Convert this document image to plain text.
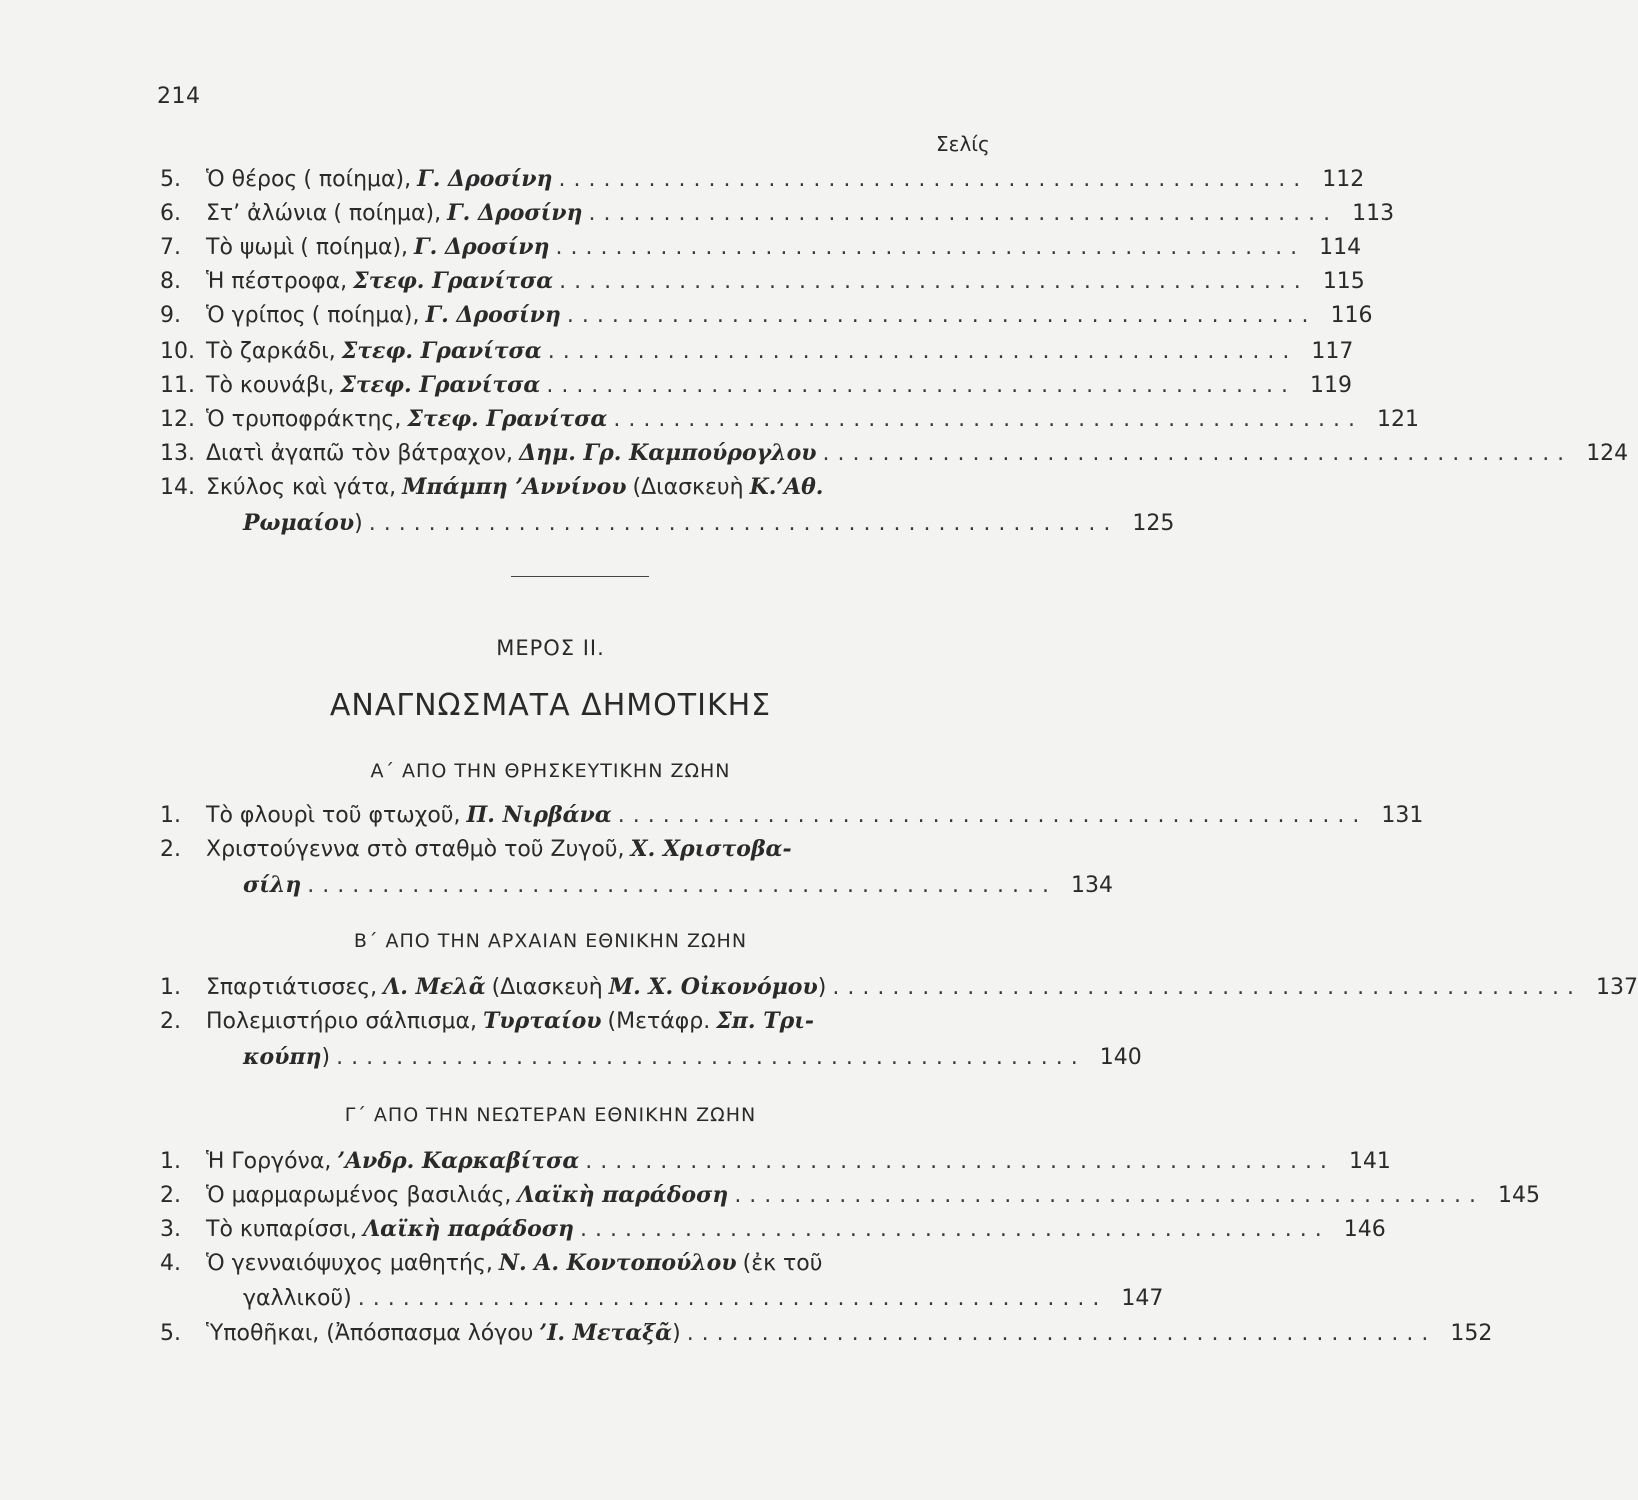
214
Σελίς
5.	Ὁ θέρος ( ποίημα), Γ. Δροσίνη .................................................. 112
6.	Στ’ ἀλώνια ( ποίημα), Γ. Δροσίνη .................................................. 113
7.	Τὸ ψωμὶ ( ποίημα), Γ. Δροσίνη .................................................. 114
8.	Ἡ πέστροφα, Στεφ. Γρανίτσα .................................................. 115
9.	Ὁ γρίπος ( ποίημα), Γ. Δροσίνη .................................................. 116
10. Τὸ ζαρκάδι, Στεφ. Γρανίτσα .................................................. 117
11. Τὸ κουνάβι, Στεφ. Γρανίτσα .................................................. 119
12. Ὁ τρυποφράκτης, Στεφ. Γρανίτσα .................................................. 121
13. Διατὶ ἀγαπῶ τὸν βάτραχον, Δημ. Γρ. Καμπούρογλου .................................................. 124
14. Σκύλος καὶ γάτα, Μπάμπη ’Αννίνου (Διασκευὴ Κ.’Αθ.
Ρωμαίου ) .................................................. 125
ΜΕΡΟΣ ΙΙ.
ΑΝΑΓΝΩΣΜΑΤΑ ΔΗΜΟΤΙΚΗΣ
Α΄ ΑΠΟ ΤΗΝ ΘΡΗΣΚΕΥΤΙΚΗΝ ΖΩΗΝ
1.	Τὸ φλουρὶ τοῦ φτωχοῦ, Π. Νιρβάνα .................................................. 131
2.	Χριστούγεννα στὸ σταθμὸ τοῦ Ζυγοῦ, Χ. Χριστοβα-
σίλη .................................................. 134
Β΄ ΑΠΟ ΤΗΝ ΑΡΧΑΙΑΝ ΕΘΝΙΚΗΝ ΖΩΗΝ
1.	Σπαρτιάτισσες, Λ. Μελᾶ (Διασκευὴ Μ. Χ. Οἰκονόμου ) .................................................. 137
2.	Πολεμιστήριο σάλπισμα, Τυρταίου (Μετάφρ. Σπ. Τρι-
κούπη ) .................................................. 140
Γ΄ ΑΠΟ ΤΗΝ ΝΕΩΤΕΡΑΝ ΕΘΝΙΚΗΝ ΖΩΗΝ
1.	Ἡ Γοργόνα, ’Ανδρ. Καρκαβίτσα .................................................. 141
2.	Ὁ μαρμαρωμένος βασιλιάς, Λαϊκὴ παράδοση .................................................. 145
3.	Τὸ κυπαρίσσι, Λαϊκὴ παράδοση .................................................. 146
4.	Ὁ γενναιόψυχος μαθητής, Ν. Α. Κοντοπούλου (ἐκ τοῦ
γαλλικοῦ) .................................................. 147
5.	Ὑποθῆκαι, (Ἀπόσπασμα λόγου ’Ι. Μεταξᾶ ) .................................................. 152
